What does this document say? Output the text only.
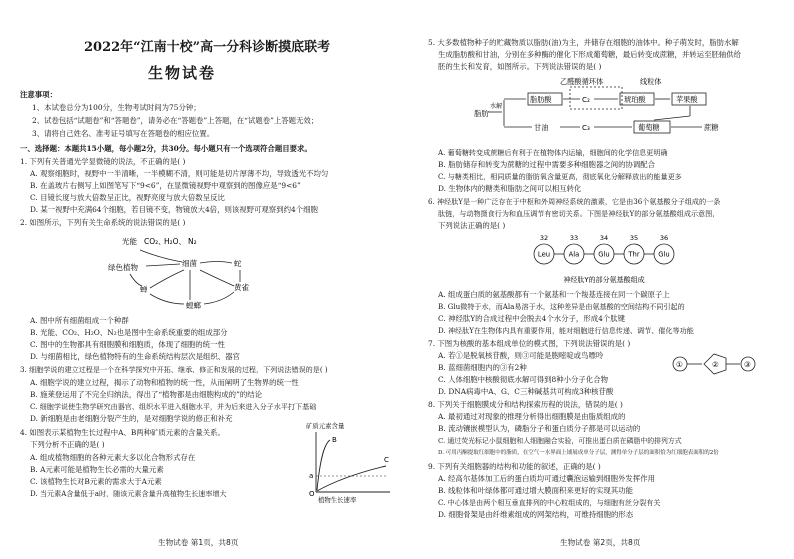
2022年“江南十校”高一分科诊断摸底联考
生物试卷
注意事项：
1、本试卷总分为100分，生物考试时间为75分钟；
2、试卷包括“试题卷”和“答题卷”，请务必在“答题卷”上答题，在“试题卷”上答题无效；
3、请将自己姓名、准考证号填写在答题卷的相应位置。
一、选择题：本题共15小题，每小题2分，共30分。每小题只有一个选项符合题目要求。
1. 下列有关普通光学显微镜的说法，不正确的是( )
A. 观察细胞时，视野中一半清晰，一半模糊不清，则可能是切片厚薄不均，导致透光不均匀
B. 在盖玻片右侧写上如图笔写下“9<6”，在显微镜视野中观察到的图像应是“9<6”
C. 目镜长度与放大倍数呈正比，视野亮度与放大倍数呈反比
D. 某一视野中充满64个细胞，若目镜不变，物镜放大4倍，则该视野可观察到约4个细胞
2. 如图所示，下列有关生命系统的说法错误的是( )
光能 CO₂、
H₂O、 N₂
绿色植物	细菌
蝉
螳螂
黄雀
蛇
A. 图中所有细菌组成一个种群
B. 光能、CO₂、H₂O、N₂也是图中生命系统重要的组成部分
C. 图中的生物都具有细胞膜和细胞质，体现了细胞的统一性
D. 与细菌相比，绿色植物特有的生命系统结构层次是组织、器官
3. 细胞学说的建立过程是一个在科学探究中开拓、继承、修正和发展的过程，下列说法错误的是( )
A. 细胞学说的建立过程，揭示了动物和植物的统一性，从而阐明了生物界的统一性
B. 施莱登运用了不完全归纳法，得出了“植物都是由细胞构成的”的结论
C. 细胞学说使生物学研究由器官、组织水平进入细胞水平，并为后来进入分子水平打下基础
D. 新细胞是由老细胞分裂产生的，是对细胞学说的修正和补充
4. 如图表示某植物生长过程中A、B两种矿质元素的含量关系。
下列分析不正确的是( )
A. 组成植物细胞的各种元素大多以化合物形式存在
B. A元素可能是植物生长必需的大量元素
C. 该植物生长对B元素的需求大于A元素
D. 当元素A含量低于a时，随该元素含量升高植物生长速率增大
矿质元素含量
植物生长速率
B
C
a
O
生物试卷 第1页，共8页
5. 大多数植物种子的贮藏物质以脂肪(油)为主，并储存在细胞的油体中。种子萌发时，脂肪水解
生成脂肪酸和甘油，分别在多种酶的催化下形成葡萄糖，最后转变成蔗糖，并转运至胚轴供给
胚的生长和发育，如图所示。下列说法错误的是( )
乙醛酸循环体	线粒体
脂肪
水解
脂肪酸	C₂	琥珀酸	苹果酸
甘油	C₃	葡萄糖	蔗糖
A. 葡萄糖转变成蔗糖后有利于在植物体内运输，细胞间的化学信息更明确
B. 脂肪储存和转变为蔗糖的过程中需要多种细胞器之间的协调配合
C. 与糖类相比，相同质量的脂肪氧含量更高，彻底氧化分解释放出的能量更多
D. 生物体内的糖类和脂肪之间可以相互转化
6. 神经肽Y是一种广泛存在于中枢和外周神经系统的激素，它是由36个氨基酸分子组成的一条
肽链，与动物摄食行为和血压调节有密切关系。下图是神经肽Y的部分氨基酸组成示意图，
下列说法正确的是( )
32
Leu
33
Ala
34
Glu
35
Thr
36
Glu
神经肽Y的部分氨基酸组成
A. 组成蛋白质的氨基酸都有一个氨基和一个羧基连接在同一个碳原子上
B. Glu微特于水，而Ala易溶于水，这种差异是由氨基酸的空间结构不同引起的
C. 神经肽Y的合成过程中会脱去4个水分子，形成4个肽键
D. 神经肽Y在生物体内具有重要作用，能对细胞进行信息传递、调节、催化等功能
7. 下图为核酸的基本组成单位的模式图，下列说法错误的是( )
A. 若①是脱氧核苷酸，则③可能是胞嘧啶或鸟嘌呤
B. 蓝细菌细胞内的③有2种
C. 人体细胞中核酸彻底水解可得到8种小分子化合物
D. DNA病毒中A、G、C三种碱基共可构成3种核苷酸
①	②	③
8. 下列关于细胞膜成分和结构探索历程的说法，错误的是( )
A. 最初通过对现象的推理分析得出细胞膜是由脂质组成的
B. 流动镶嵌模型认为，磷脂分子和蛋白质分子都是可以运动的
C. 通过荧光标记小鼠细胞和人细胞融合实验，可推出蛋白质在磷脂中的排列方式
D. 可用丙酮提取红细胞中的脂质，在空气一水界面上铺展成单分子层，测得单分子层的面积恰为红细胞表面积的2倍
9. 下列有关细胞器的结构和功能的叙述，正确的是( )
A. 经高尔基体加工后的蛋白质均可通过囊泡运输到细胞外发挥作用
B. 线粒体和叶绿体都可通过增大膜面积来更好的实现其功能
C. 中心体是由两个相互垂直排列的中心粒组成的，与细胞有丝分裂有关
D. 细胞骨架是由纤维素组成的网架结构，可维持细胞的形态
生物试卷 第2页，共8页
